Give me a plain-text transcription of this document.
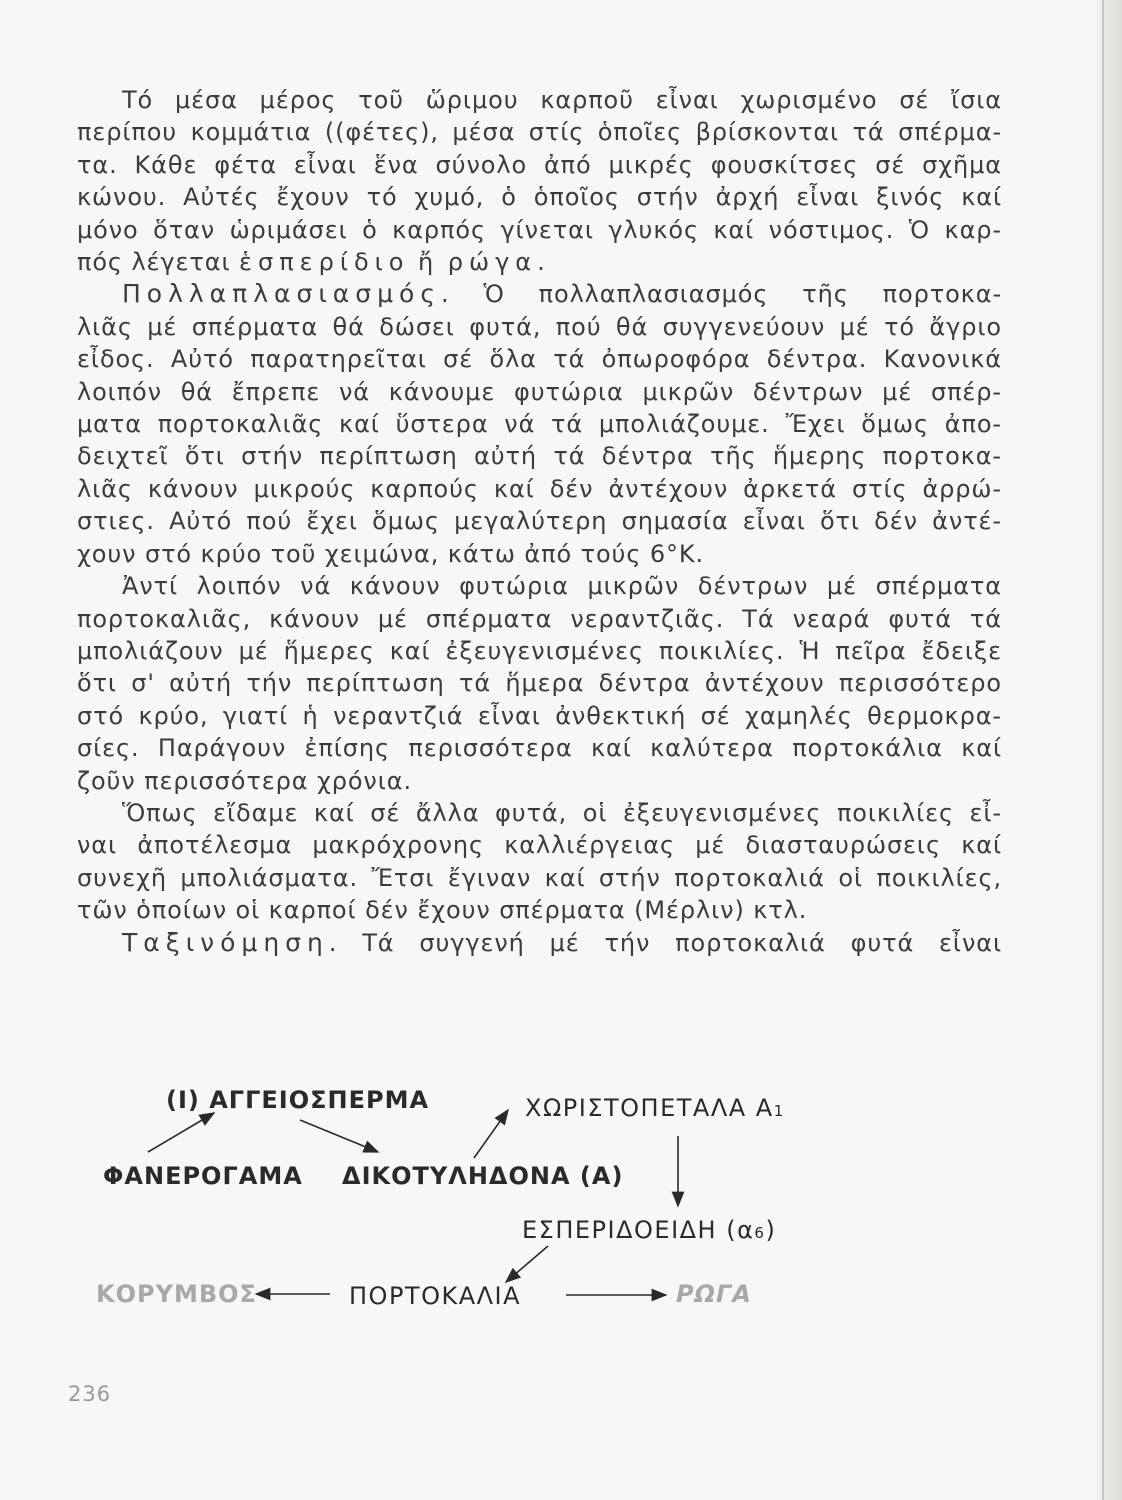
Τό μέσα μέρος τοῦ ὥριμου καρποῦ εἶναι χωρισμένο σέ ἴσια
περίπου κομμάτια ((φέτες), μέσα στίς ὁποῖες βρίσκονται τά σπέρμα-
τα. Κάθε φέτα εἶναι ἕνα σύνολο ἀπό μικρές φουσκίτσες σέ σχῆμα
κώνου. Αὐτές ἔχουν τό χυμό, ὁ ὁποῖος στήν ἀρχή εἶναι ξινός καί
μόνο ὅταν ὡριμάσει ὁ καρπός γίνεται γλυκός καί νόστιμος. Ὁ καρ-
πός λέγεται ἑσπερίδιο ἤ ρώγα.
Πολλαπλασιασμός. Ὁ πολλαπλασιασμός τῆς πορτοκα-
λιᾶς μέ σπέρματα θά δώσει φυτά, πού θά συγγενεύουν μέ τό ἄγριο
εἶδος. Αὐτό παρατηρεῖται σέ ὅλα τά ὀπωροφόρα δέντρα. Κανονικά
λοιπόν θά ἔπρεπε νά κάνουμε φυτώρια μικρῶν δέντρων μέ σπέρ-
ματα πορτοκαλιᾶς καί ὕστερα νά τά μπολιάζουμε. Ἔχει ὅμως ἀπο-
δειχτεῖ ὅτι στήν περίπτωση αὐτή τά δέντρα τῆς ἥμερης πορτοκα-
λιᾶς κάνουν μικρούς καρπούς καί δέν ἀντέχουν ἀρκετά στίς ἀρρώ-
στιες. Αὐτό πού ἔχει ὅμως μεγαλύτερη σημασία εἶναι ὅτι δέν ἀντέ-
χουν στό κρύο τοῦ χειμώνα, κάτω ἀπό τούς 6°Κ.
Ἀντί λοιπόν νά κάνουν φυτώρια μικρῶν δέντρων μέ σπέρματα
πορτοκαλιᾶς, κάνουν μέ σπέρματα νεραντζιᾶς. Τά νεαρά φυτά τά
μπολιάζουν μέ ἥμερες καί ἐξευγενισμένες ποικιλίες. Ἡ πεῖρα ἔδειξε
ὅτι σ' αὐτή τήν περίπτωση τά ἥμερα δέντρα ἀντέχουν περισσότερο
στό κρύο, γιατί ἡ νεραντζιά εἶναι ἀνθεκτική σέ χαμηλές θερμοκρα-
σίες. Παράγουν ἐπίσης περισσότερα καί καλύτερα πορτοκάλια καί
ζοῦν περισσότερα χρόνια.
Ὅπως εἴδαμε καί σέ ἄλλα φυτά, οἱ ἐξευγενισμένες ποικιλίες εἶ-
ναι ἀποτέλεσμα μακρόχρονης καλλιέργειας μέ διασταυρώσεις καί
συνεχῆ μπολιάσματα. Ἔτσι ἔγιναν καί στήν πορτοκαλιά οἱ ποικιλίες,
τῶν ὁποίων οἱ καρποί δέν ἔχουν σπέρματα (Μέρλιν) κτλ.
Ταξινόμηση. Τά συγγενή μέ τήν πορτοκαλιά φυτά εἶναι
(Ι) ΑΓΓΕΙΟΣΠΕΡΜΑ	ΧΩΡΙΣΤΟΠΕΤΑΛΑ Α1
ΦΑΝΕΡΟΓΑΜΑ ΔΙΚΟΤΥΛΗΔΟΝΑ (Α)
ΕΣΠΕΡΙΔΟΕΙΔΗ (α6)
ΚΟΡΥΜΒΟΣ	ΠΟΡΤΟΚΑΛΙΑ	ΡΩΓΑ
236
